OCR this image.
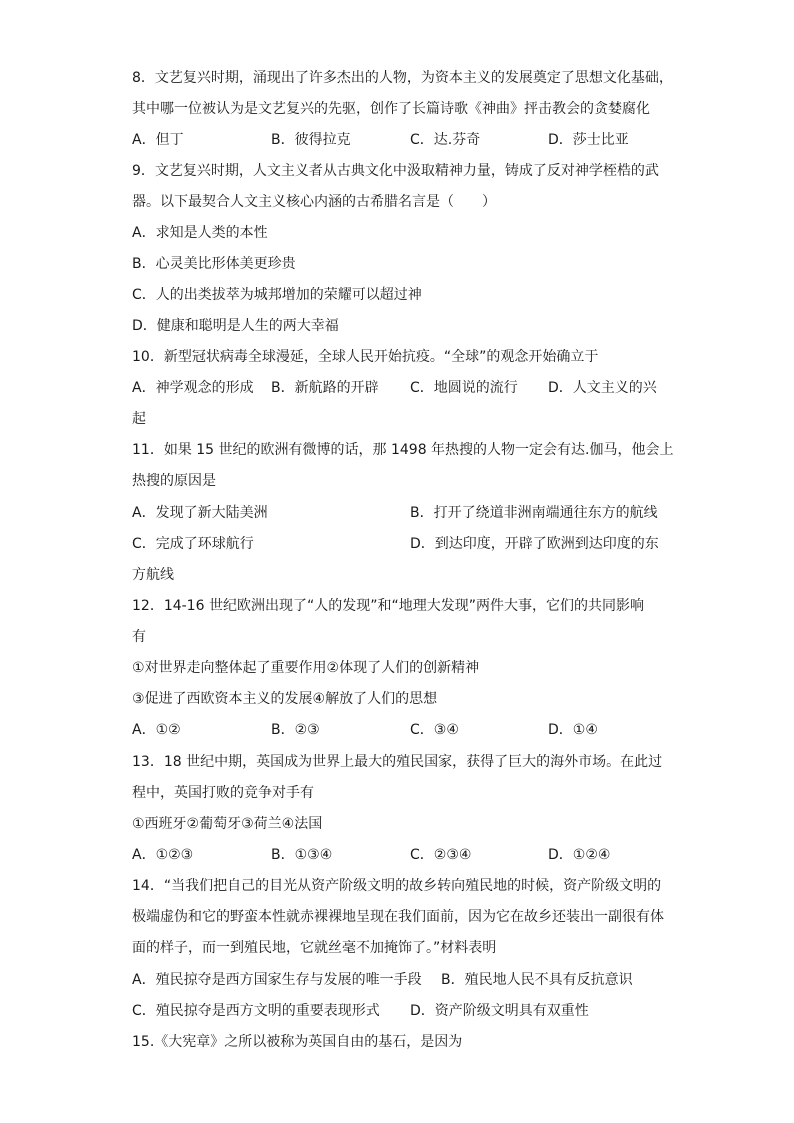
8．文艺复兴时期，涌现出了许多杰出的人物，为资本主义的发展奠定了思想文化基础，
其中哪一位被认为是文艺复兴的先驱，创作了长篇诗歌《神曲》抨击教会的贪婪腐化
A．但丁	B．彼得拉克	C．达.芬奇	D．莎士比亚
9．文艺复兴时期，人文主义者从古典文化中汲取精神力量，铸成了反对神学桎梏的武
器。以下最契合人文主义核心内涵的古希腊名言是（　　）
A．求知是人类的本性
B．心灵美比形体美更珍贵
C．人的出类拔萃为城邦增加的荣耀可以超过神
D．健康和聪明是人生的两大幸福
10．新型冠状病毒全球漫延，全球人民开始抗疫。“全球”的观念开始确立于
A．神学观念的形成 B．新航路的开辟 C．地圆说的流行 D．人文主义的兴
起
11．如果 15 世纪的欧洲有微博的话，那 1498 年热搜的人物一定会有达.伽马，他会上
热搜的原因是
A．发现了新大陆美洲	B．打开了绕道非洲南端通往东方的航线
C．完成了环球航行	D．到达印度，开辟了欧洲到达印度的东
方航线
12．14-16 世纪欧洲出现了“人的发现”和“地理大发现”两件大事，它们的共同影响
有
①对世界走向整体起了重要作用②体现了人们的创新精神
③促进了西欧资本主义的发展④解放了人们的思想
A．①②	B．②③	C．③④	D．①④
13．18 世纪中期，英国成为世界上最大的殖民国家，获得了巨大的海外市场。在此过
程中，英国打败的竞争对手有
①西班牙②葡萄牙③荷兰④法国
A．①②③	B．①③④	C．②③④	D．①②④
14．“当我们把自己的目光从资产阶级文明的故乡转向殖民地的时候，资产阶级文明的
极端虚伪和它的野蛮本性就赤裸裸地呈现在我们面前，因为它在故乡还装出一副很有体
面的样子，而一到殖民地，它就丝毫不加掩饰了。”材料表明
A．殖民掠夺是西方国家生存与发展的唯一手段 B．殖民地人民不具有反抗意识
C．殖民掠夺是西方文明的重要表现形式 D．资产阶级文明具有双重性
15.《大宪章》之所以被称为英国自由的基石，是因为
